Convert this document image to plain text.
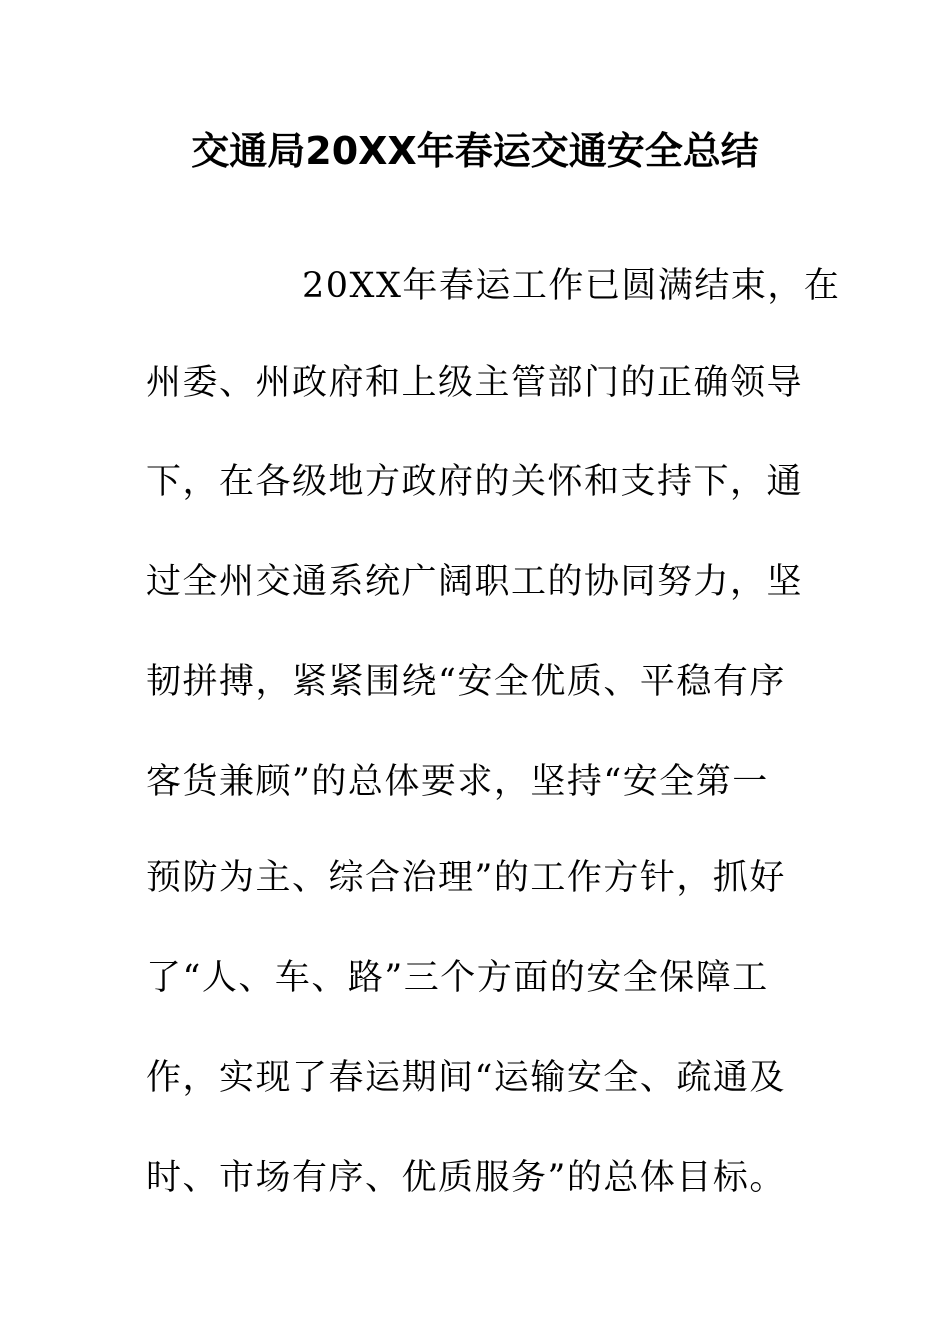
交通局20XX年春运交通安全总结
20XX年春运工作已圆满结束，在
州委、州政府和上级主管部门的正确领导
下，在各级地方政府的关怀和支持下，通
过全州交通系统广阔职工的协同努力，坚
韧拼搏，紧紧围绕“安全优质、平稳有序
客货兼顾”的总体要求，坚持“安全第一
预防为主、综合治理”的工作方针，抓好
了“人、车、路”三个方面的安全保障工
作，实现了春运期间“运输安全、疏通及
时、市场有序、优质服务”的总体目标。
